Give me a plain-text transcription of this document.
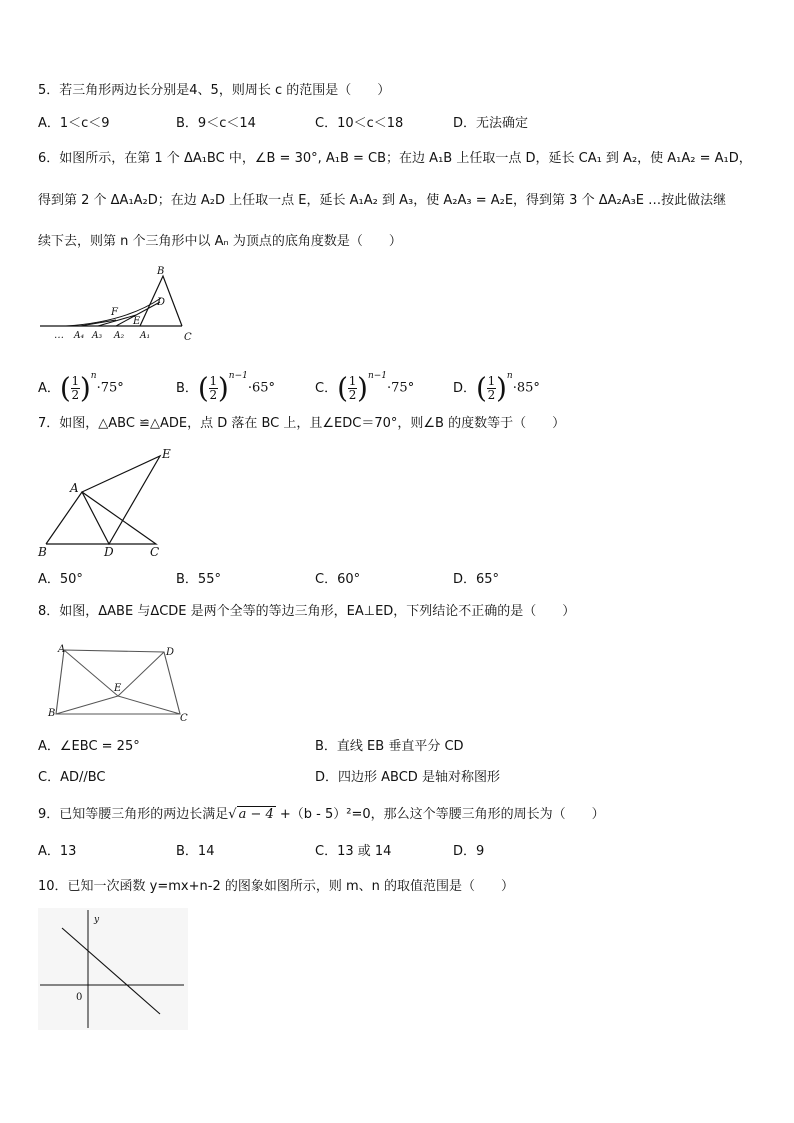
5．若三角形两边长分别是4、5，则周长 c 的范围是（　　）
A．1＜c＜9	B．9＜c＜14	C．10＜c＜18	D．无法确定
6．如图所示，在第 1 个 ΔA₁BC 中，∠B = 30°, A₁B = CB；在边 A₁B 上任取一点 D，延长 CA₁ 到 A₂，使 A₁A₂ = A₁D，
得到第 2 个 ΔA₁A₂D；在边 A₂D 上任取一点 E，延长 A₁A₂ 到 A₃，使 A₂A₃ = A₂E，得到第 3 个 ΔA₂A₃E …按此做法继
续下去，则第 n 个三角形中以 Aₙ 为顶点的底角度数是（　　）
B
D
F
E
… A₄ A₃ A₂ A₁	C
A．( $\frac{1}{2} )^n\cdot 75^\circ$	B．( $\frac{1}{2} )^{n-1}\cdot 65^\circ$	C．( $\frac{1}{2} )^{n-1}\cdot 75^\circ$	D．( $\frac{1}{2} )^n\cdot 85^\circ$
7．如图，△ABC ≌△ADE，点 D 落在 BC 上，且∠EDC＝70°，则∠B 的度数等于（　　）
A
B	D	C
E
A．50°	B．55°	C．60°	D．65°
8．如图，ΔABE 与ΔCDE 是两个全等的等边三角形，EA⊥ED，下列结论不正确的是（　　）
A	D
E
B	C
A．∠EBC = 25°	B．直线 EB 垂直平分 CD
C．AD//BC	D．四边形 ABCD 是轴对称图形
9．已知等腰三角形的两边长满足√ a − 4 +（b - 5）²=0，那么这个等腰三角形的周长为（　　）
A．13	B．14	C．13 或 14	D．9
10．已知一次函数 y=mx+n-2 的图象如图所示，则 m、n 的取值范围是（　　）
y
0
